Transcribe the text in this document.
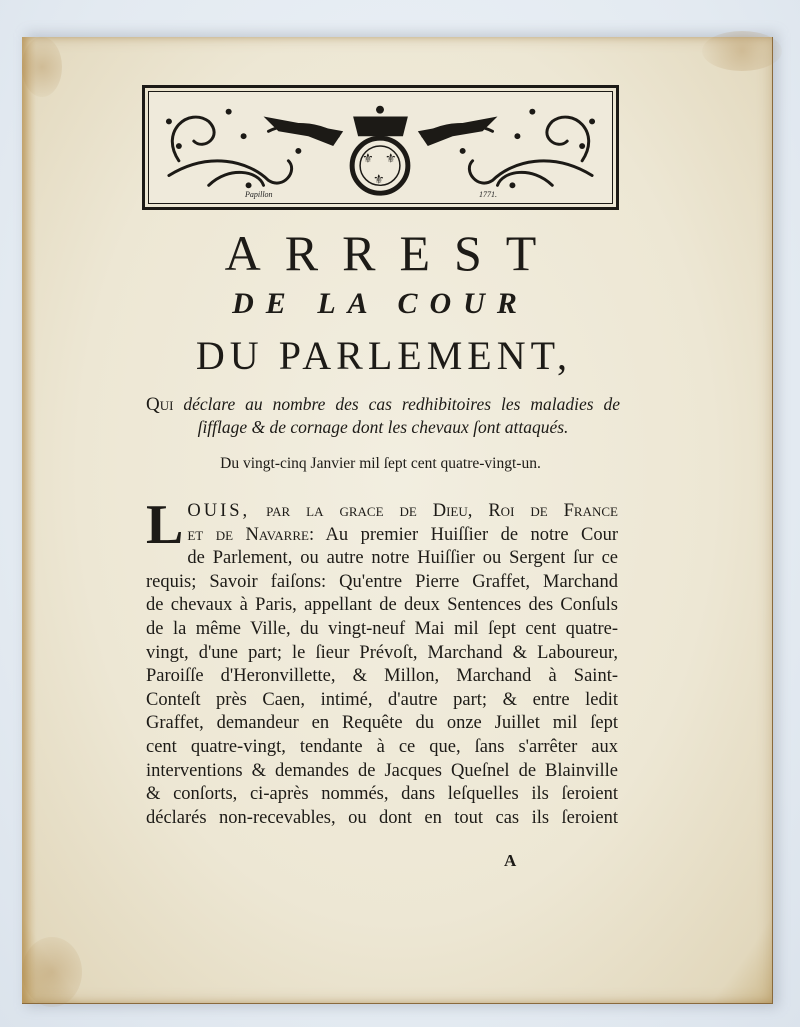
⚜ ⚜
⚜
Papillon	1771.
ARREST
DE LA COUR
DU PARLEMENT,
Qui déclare au nombre des cas redhibitoires les maladies de ſifflage & de cornage dont les chevaux ſont attaqués.
Du vingt-cinq Janvier mil ſept cent quatre-vingt-un.
L OUIS, par la grace de Dieu, Roi de France
et de Navarre: Au premier Huiſſier de notre Cour
de Parlement, ou autre notre Huiſſier ou Sergent ſur ce
requis; Savoir faiſons: Qu'entre Pierre Graffet, Marchand
de chevaux à Paris, appellant de deux Sentences des Conſuls
de la même Ville, du vingt-neuf Mai mil ſept cent quatre-
vingt, d'une part; le ſieur Prévoſt, Marchand & Laboureur,
Paroiſſe d'Heronvillette, & Millon, Marchand à Saint-
Conteſt près Caen, intimé, d'autre part; & entre ledit
Graffet, demandeur en Requête du onze Juillet mil ſept
cent quatre-vingt, tendante à ce que, ſans s'arrêter aux
interventions & demandes de Jacques Queſnel de Blainville
& conſorts, ci-après nommés, dans leſquelles ils ſeroient
déclarés non-recevables, ou dont en tout cas ils ſeroient
A
